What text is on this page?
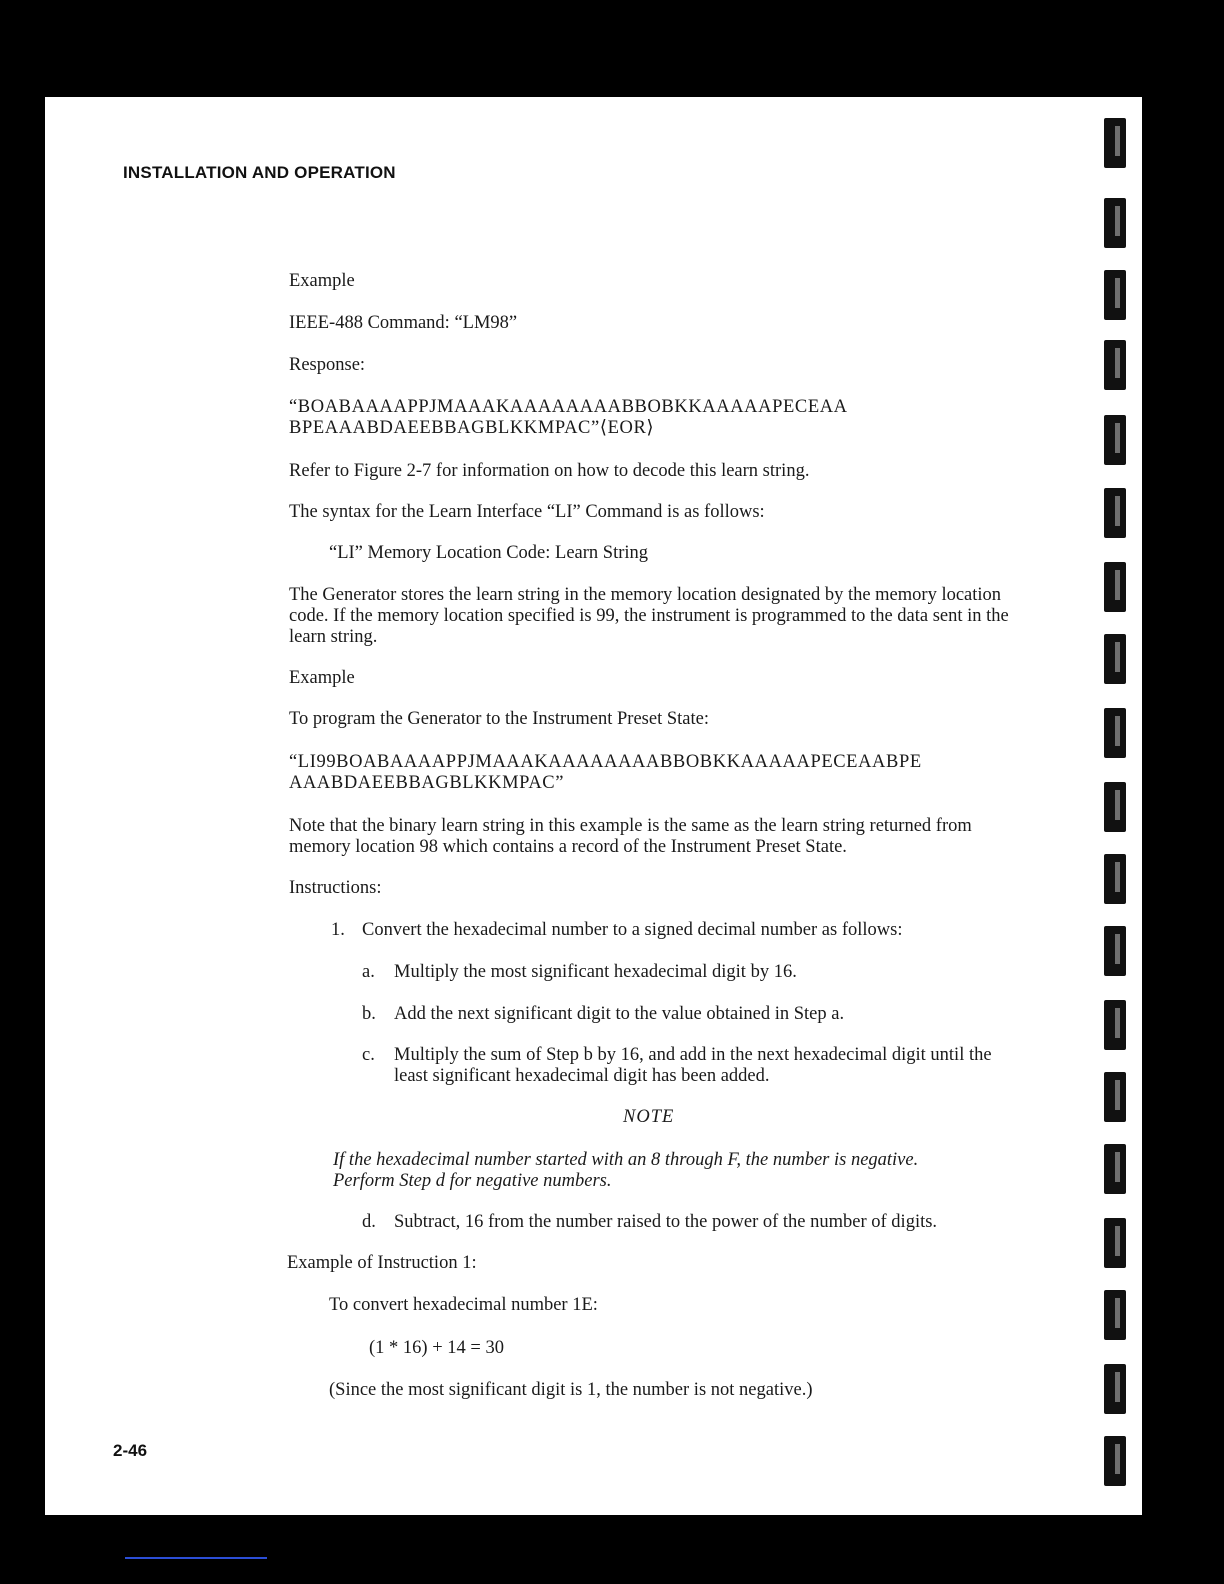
INSTALLATION AND OPERATION
Example
IEEE-488 Command: “LM98”
Response:
“BOABAAAAPPJMAAAKAAAAAAAABBOBKKAAAAAPECEAA
BPEAAABDAEEBBAGBLKKMPAC”⟨EOR⟩
Refer to Figure 2-7 for information on how to decode this learn string.
The syntax for the Learn Interface “LI” Command is as follows:
“LI” Memory Location Code: Learn String
The Generator stores the learn string in the memory location designated by the memory location code. If the memory location specified is 99, the instrument is programmed to the data sent in the learn string.
Example
To program the Generator to the Instrument Preset State:
“LI99BOABAAAAPPJMAAAKAAAAAAAABBOBKKAAAAAPECEAABPE
AAABDAEEBBAGBLKKMPAC”
Note that the binary learn string in this example is the same as the learn string returned from memory location 98 which contains a record of the Instrument Preset State.
Instructions:
1. Convert the hexadecimal number to a signed decimal number as follows:
a. Multiply the most significant hexadecimal digit by 16.
b. Add the next significant digit to the value obtained in Step a.
c. Multiply the sum of Step b by 16, and add in the next hexadecimal digit until the least significant hexadecimal digit has been added.
NOTE
If the hexadecimal number started with an 8 through F, the number is negative. Perform Step d for negative numbers.
d. Subtract, 16 from the number raised to the power of the number of digits.
Example of Instruction 1:
To convert hexadecimal number 1E:
(1 * 16) + 14 = 30
(Since the most significant digit is 1, the number is not negative.)
2-46
